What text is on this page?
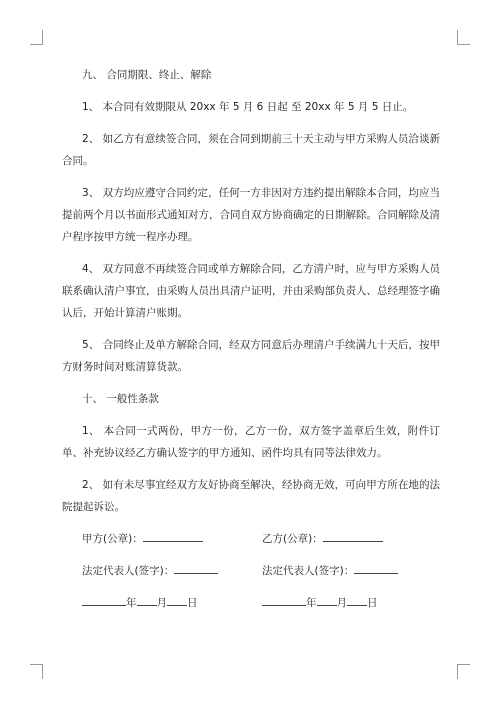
九、 合同期限、终止、解除
1、 本合同有效期限从 20xx 年 5 月 6 日起 至 20xx 年 5 月 5 日止。
2、 如乙方有意续签合同，须在合同到期前三十天主动与甲方采购人员洽谈新合同。
3、 双方均应遵守合同约定，任何一方非因对方违约提出解除本合同，均应当提前两个月以书面形式通知对方，合同自双方协商确定的日期解除。合同解除及清户程序按甲方统一程序办理。
4、 双方同意不再续签合同或单方解除合同，乙方清户时，应与甲方采购人员联系确认清户事宜，由采购人员出具清户证明，并由采购部负责人、总经理签字确认后，开始计算清户账期。
5、 合同终止及单方解除合同，经双方同意后办理清户手续满九十天后，按甲方财务时间对账清算货款。
十、 一般性条款
1、 本合同一式两份，甲方一份，乙方一份，双方签字盖章后生效，附件订单、补充协议经乙方确认签字的甲方通知、函件均具有同等法律效力。
2、 如有未尽事宜经双方友好协商至解决，经协商无效，可向甲方所在地的法院提起诉讼。
甲方(公章)：	乙方(公章)：
法定代表人(签字)：	法定代表人(签字)：
年 月 日	年 月 日
